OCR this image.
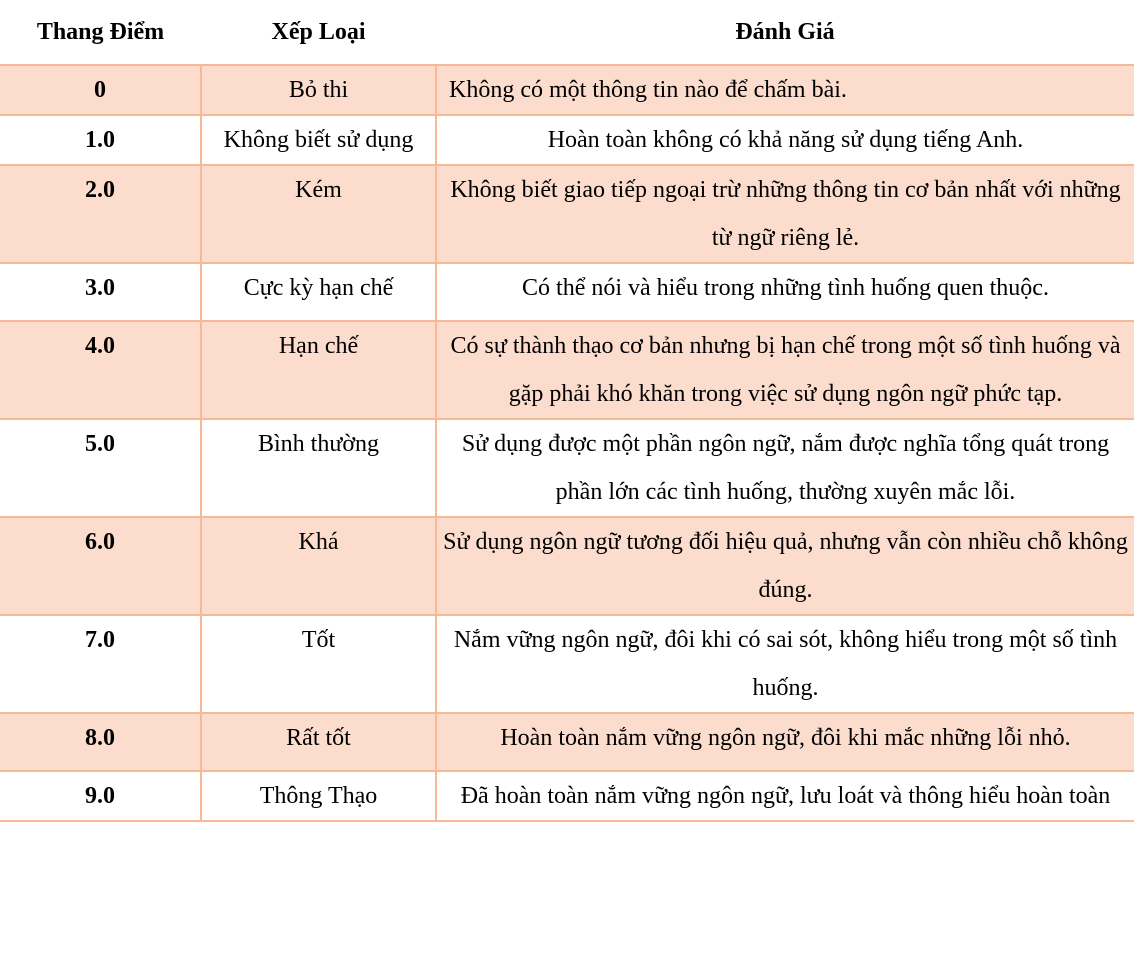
Thang Điểm	Xếp Loại	Đánh Giá
0	Bỏ thi	Không có một thông tin nào để chấm bài.
1.0	Không biết sử dụng	Hoàn toàn không có khả năng sử dụng tiếng Anh.
2.0	Kém	Không biết giao tiếp ngoại trừ những thông tin cơ bản nhất với những từ ngữ riêng lẻ.
3.0	Cực kỳ hạn chế	Có thể nói và hiểu trong những tình huống quen thuộc.
4.0	Hạn chế	Có sự thành thạo cơ bản nhưng bị hạn chế trong một số tình huống và gặp phải khó khăn trong việc sử dụng ngôn ngữ phức tạp.
5.0	Bình thường	Sử dụng được một phần ngôn ngữ, nắm được nghĩa tổng quát trong phần lớn các tình huống, thường xuyên mắc lỗi.
6.0	Khá	Sử dụng ngôn ngữ tương đối hiệu quả, nhưng vẫn còn nhiều chỗ không đúng.
7.0	Tốt	Nắm vững ngôn ngữ, đôi khi có sai sót, không hiểu trong một số tình huống.
8.0	Rất tốt	Hoàn toàn nắm vững ngôn ngữ, đôi khi mắc những lỗi nhỏ.
9.0	Thông Thạo	Đã hoàn toàn nắm vững ngôn ngữ, lưu loát và thông hiểu hoàn toàn
